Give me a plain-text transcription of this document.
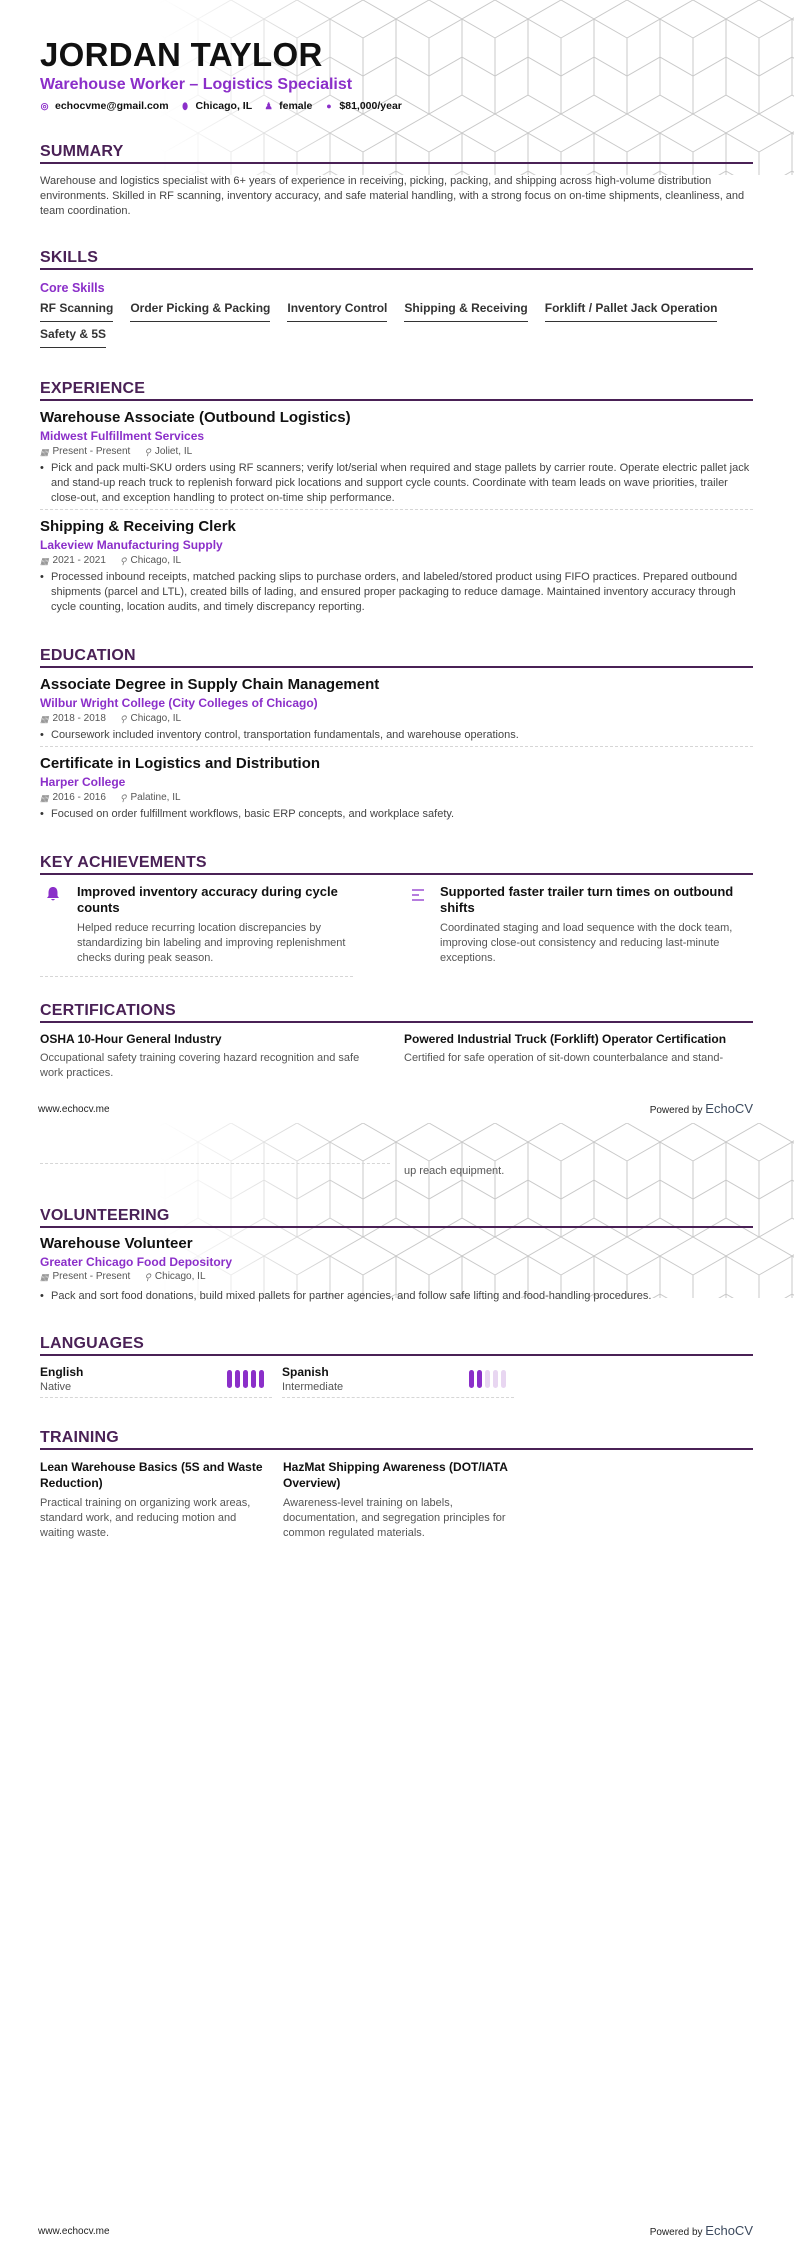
JORDAN TAYLOR
Warehouse Worker – Logistics Specialist
◎ echocvme@gmail.com ⬮ Chicago, IL ♟ female ● $81,000/year
SUMMARY
Warehouse and logistics specialist with 6+ years of experience in receiving, picking, packing, and shipping across high-volume distribution environments. Skilled in RF scanning, inventory accuracy, and safe material handling, with a strong focus on on-time shipments, cleanliness, and team coordination.
SKILLS
Core Skills
RF Scanning Order Picking & Packing Inventory Control Shipping & Receiving Forklift / Pallet Jack Operation
Safety & 5S
EXPERIENCE
Warehouse Associate (Outbound Logistics)
Midwest Fulfillment Services
▦ Present - Present ⚲ Joliet, IL
• Pick and pack multi-SKU orders using RF scanners; verify lot/serial when required and stage pallets by carrier route. Operate electric pallet jack and stand-up reach truck to replenish forward pick locations and support cycle counts. Coordinate with team leads on wave priorities, trailer close-out, and exception handling to protect on-time ship performance.
Shipping & Receiving Clerk
Lakeview Manufacturing Supply
▦ 2021 - 2021 ⚲ Chicago, IL
• Processed inbound receipts, matched packing slips to purchase orders, and labeled/stored product using FIFO practices. Prepared outbound shipments (parcel and LTL), created bills of lading, and ensured proper packaging to reduce damage. Maintained inventory accuracy through cycle counting, location audits, and timely discrepancy reporting.
EDUCATION
Associate Degree in Supply Chain Management
Wilbur Wright College (City Colleges of Chicago)
▦ 2018 - 2018 ⚲ Chicago, IL
• Coursework included inventory control, transportation fundamentals, and warehouse operations.
Certificate in Logistics and Distribution
Harper College
▦ 2016 - 2016 ⚲ Palatine, IL
• Focused on order fulfillment workflows, basic ERP concepts, and workplace safety.
KEY ACHIEVEMENTS
Improved inventory accuracy during cycle counts
Helped reduce recurring location discrepancies by standardizing bin labeling and improving replenishment checks during peak season.
Supported faster trailer turn times on outbound shifts
Coordinated staging and load sequence with the dock team, improving close-out consistency and reducing last-minute exceptions.
CERTIFICATIONS
OSHA 10-Hour General Industry
Occupational safety training covering hazard recognition and safe work practices.
Powered Industrial Truck (Forklift) Operator Certification
Certified for safe operation of sit-down counterbalance and stand-
www.echocv.me	Powered by EchoCV
up reach equipment.
VOLUNTEERING
Warehouse Volunteer
Greater Chicago Food Depository
▦ Present - Present ⚲ Chicago, IL
• Pack and sort food donations, build mixed pallets for partner agencies, and follow safe lifting and food-handling procedures.
LANGUAGES
English
Native
Spanish
Intermediate
TRAINING
Lean Warehouse Basics (5S and Waste Reduction)
Practical training on organizing work areas, standard work, and reducing motion and waiting waste.
HazMat Shipping Awareness (DOT/IATA Overview)
Awareness-level training on labels, documentation, and segregation principles for common regulated materials.
www.echocv.me	Powered by EchoCV
